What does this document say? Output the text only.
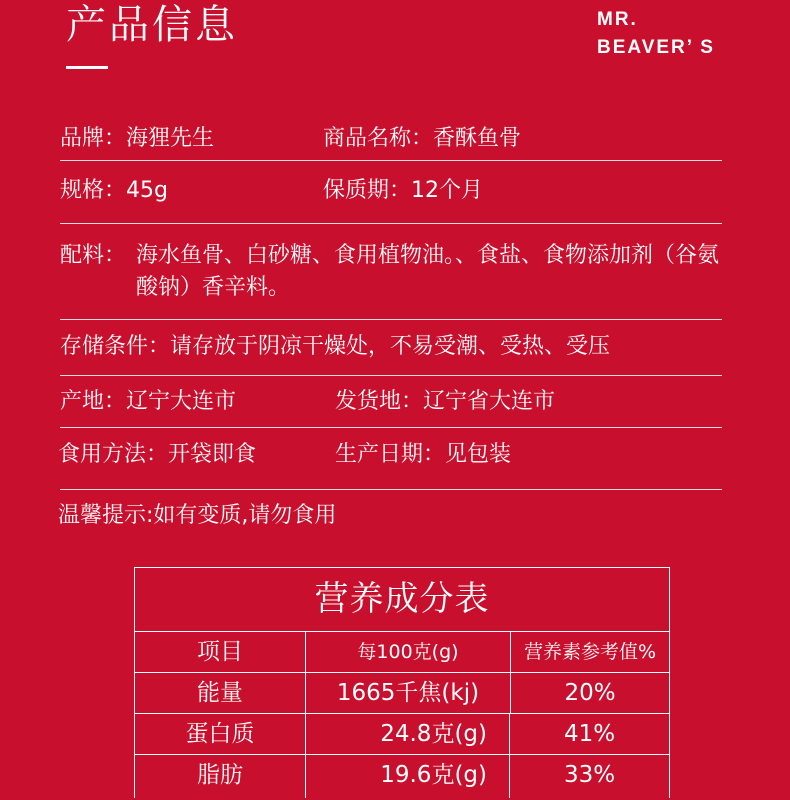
产品信息	MR.
BEAVER’ S
品牌：海狸先生	商品名称：香酥鱼骨
规格：45g	保质期：12个月
配料： 海水鱼骨、白砂糖、食用植物油。、食盐、食物添加剂（谷氨酸钠）香辛料。
存储条件：请存放于阴凉干燥处，不易受潮、受热、受压
产地：辽宁大连市	发货地：辽宁省大连市
食用方法：开袋即食	生产日期：见包装
温馨提示:如有变质,请勿食用
营养成分表
项目	每100克(g)	营养素参考值%
能量	1665千焦(kj)	20%
蛋白质	24.8克(g)	41%
脂肪	19.6克(g)	33%
